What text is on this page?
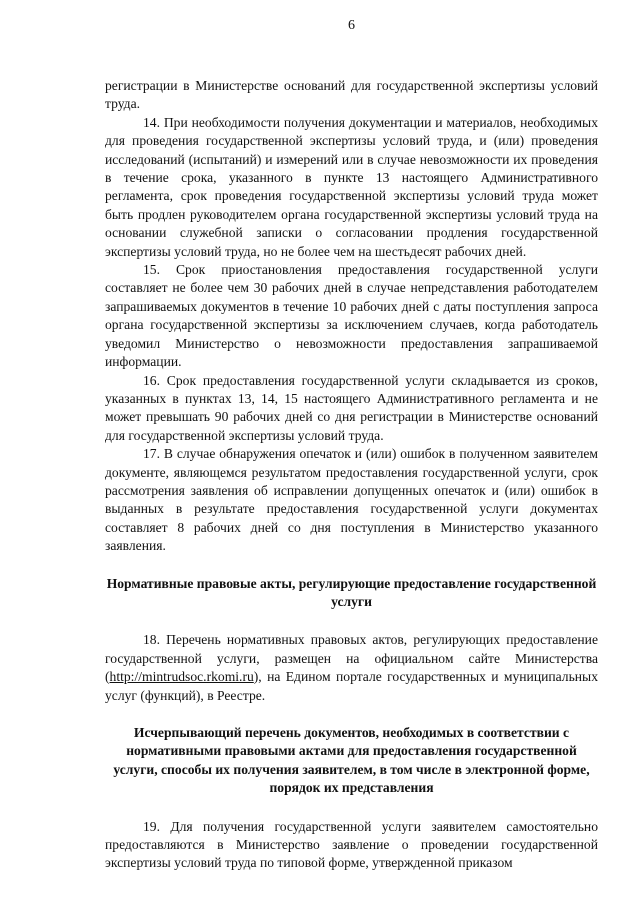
6

регистрации в Министерстве оснований для государственной экспертизы условий труда.

14. При необходимости получения документации и материалов, необходимых для проведения государственной экспертизы условий труда, и (или) проведения исследований (испытаний) и измерений или в случае невозможности их проведения в течение срока, указанного в пункте 13 настоящего Административного регламента, срок проведения государственной экспертизы условий труда может быть продлен руководителем органа государственной экспертизы условий труда на основании служебной записки о согласовании продления государственной экспертизы условий труда, но не более чем на шестьдесят рабочих дней.

15. Срок приостановления предоставления государственной услуги составляет не более чем 30 рабочих дней в случае непредставления работодателем запрашиваемых документов в течение 10 рабочих дней с даты поступления запроса органа государственной экспертизы за исключением случаев, когда работодатель уведомил Министерство о невозможности предоставления запрашиваемой информации.

16. Срок предоставления государственной услуги складывается из сроков, указанных в пунктах 13, 14, 15 настоящего Административного регламента и не может превышать 90 рабочих дней со дня регистрации в Министерстве оснований для государственной экспертизы условий труда.

17. В случае обнаружения опечаток и (или) ошибок в полученном заявителем документе, являющемся результатом предоставления государственной услуги, срок рассмотрения заявления об исправлении допущенных опечаток и (или) ошибок в выданных в результате предоставления государственной услуги документах составляет 8 рабочих дней со дня поступления в Министерство указанного заявления.

Нормативные правовые акты, регулирующие предоставление государственной услуги

18. Перечень нормативных правовых актов, регулирующих предоставление государственной услуги, размещен на официальном сайте Министерства (http://mintrudsoc.rkomi.ru), на Едином портале государственных и муниципальных услуг (функций), в Реестре.

Исчерпывающий перечень документов, необходимых в соответствии с нормативными правовыми актами для предоставления государственной услуги, способы их получения заявителем, в том числе в электронной форме, порядок их представления

19. Для получения государственной услуги заявителем самостоятельно предоставляются в Министерство заявление о проведении государственной экспертизы условий труда по типовой форме, утвержденной приказом
